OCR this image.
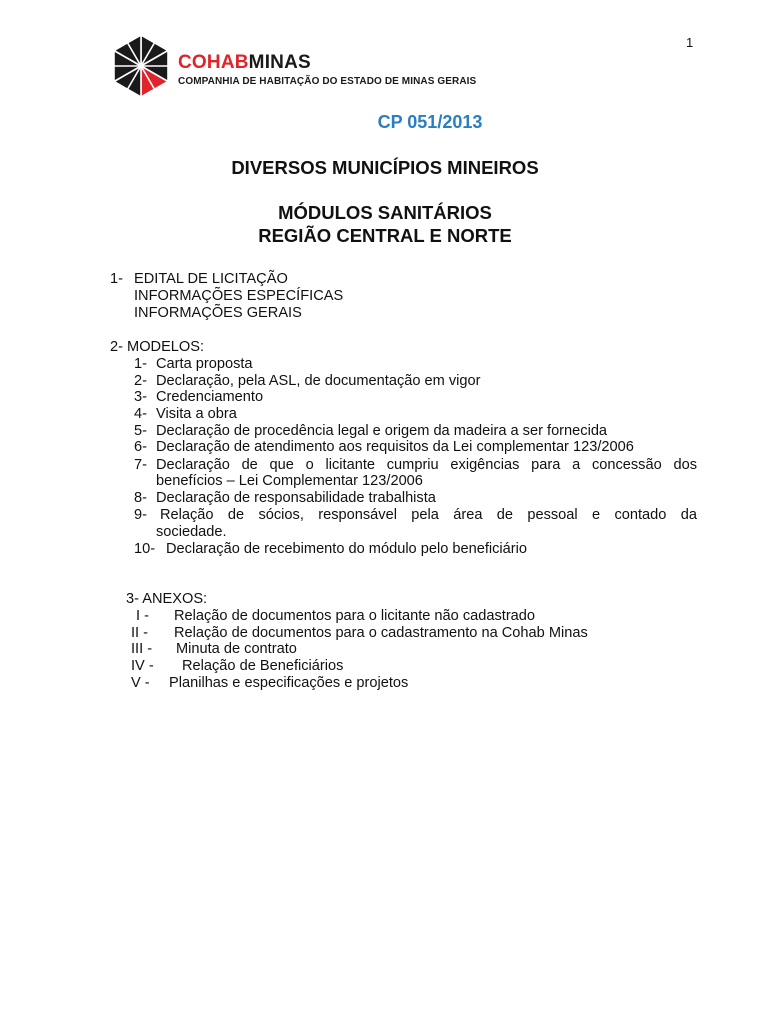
1
COHABMINAS
COMPANHIA DE HABITAÇÃO DO ESTADO DE MINAS GERAIS
CP 051/2013
DIVERSOS MUNICÍPIOS MINEIROS
MÓDULOS SANITÁRIOS
REGIÃO CENTRAL E NORTE
1- EDITAL DE LICITAÇÃO
INFORMAÇÕES ESPECÍFICAS
INFORMAÇÕES GERAIS
2- MODELOS:
1- Carta proposta
2- Declaração, pela ASL, de documentação em vigor
3- Credenciamento
4- Visita a obra
5- Declaração de procedência legal e origem da madeira a ser fornecida
6- Declaração de atendimento aos requisitos da Lei complementar 123/2006
7- Declaração de que o licitante cumpriu exigências para a concessão dos
benefícios – Lei Complementar 123/2006
8- Declaração de responsabilidade trabalhista
9- Relação de sócios, responsável pela área de pessoal e contado da
sociedade.
10- Declaração de recebimento do módulo pelo beneficiário
3- ANEXOS:
I - Relação de documentos para o licitante não cadastrado
II - Relação de documentos para o cadastramento na Cohab Minas
III - Minuta de contrato
IV - Relação de Beneficiários
V - Planilhas e especificações e projetos
